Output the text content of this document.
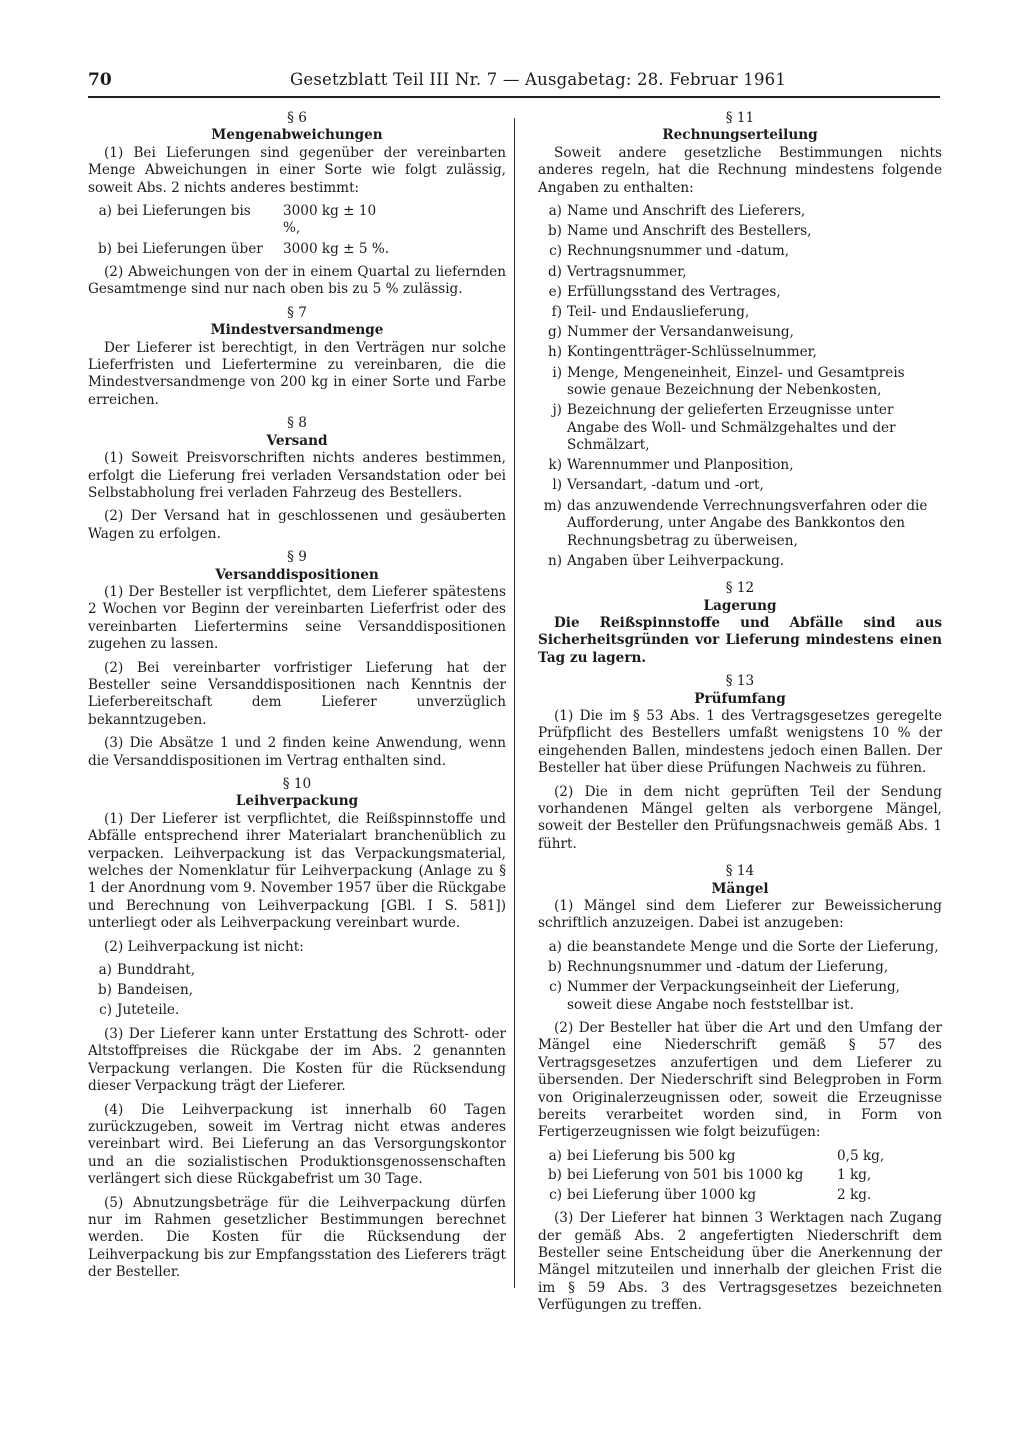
70	Gesetzblatt Teil III Nr. 7 — Ausgabetag: 28. Februar 1961

§ 6

Mengenabweichungen

(1) Bei Lieferungen sind gegenüber der vereinbarten Menge Abweichungen in einer Sorte wie folgt zulässig, soweit Abs. 2 nichts anderes bestimmt:

a) bei Lieferungen bis	3000 kg ± 10 %,
b) bei Lieferungen über	3000 kg ± 5 %.

(2) Abweichungen von der in einem Quartal zu liefernden Gesamtmenge sind nur nach oben bis zu 5 % zulässig.

§ 7

Mindestversandmenge

Der Lieferer ist berechtigt, in den Verträgen nur solche Lieferfristen und Liefertermine zu vereinbaren, die die Mindestversandmenge von 200 kg in einer Sorte und Farbe erreichen.

§ 8

Versand

(1) Soweit Preisvorschriften nichts anderes bestimmen, erfolgt die Lieferung frei verladen Versandstation oder bei Selbstabholung frei verladen Fahrzeug des Bestellers.

(2) Der Versand hat in geschlossenen und gesäuberten Wagen zu erfolgen.

§ 9

Versanddispositionen

(1) Der Besteller ist verpflichtet, dem Lieferer spätestens 2 Wochen vor Beginn der vereinbarten Lieferfrist oder des vereinbarten Liefertermins seine Versanddispositionen zugehen zu lassen.

(2) Bei vereinbarter vorfristiger Lieferung hat der Besteller seine Versanddispositionen nach Kenntnis der Lieferbereitschaft dem Lieferer unverzüglich bekanntzugeben.

(3) Die Absätze 1 und 2 finden keine Anwendung, wenn die Versanddispositionen im Vertrag enthalten sind.

§ 10

Leihverpackung

(1) Der Lieferer ist verpflichtet, die Reißspinnstoffe und Abfälle entsprechend ihrer Materialart branchenüblich zu verpacken. Leihverpackung ist das Verpackungsmaterial, welches der Nomenklatur für Leihverpackung (Anlage zu § 1 der Anordnung vom 9. November 1957 über die Rückgabe und Berechnung von Leihverpackung [GBl. I S. 581]) unterliegt oder als Leihverpackung vereinbart wurde.

(2) Leihverpackung ist nicht:

a) Bunddraht,
b) Bandeisen,
c) Juteteile.

(3) Der Lieferer kann unter Erstattung des Schrott- oder Altstoffpreises die Rückgabe der im Abs. 2 genannten Verpackung verlangen. Die Kosten für die Rücksendung dieser Verpackung trägt der Lieferer.

(4) Die Leihverpackung ist innerhalb 60 Tagen zurückzugeben, soweit im Vertrag nicht etwas anderes vereinbart wird. Bei Lieferung an das Versorgungskontor und an die sozialistischen Produktionsgenossenschaften verlängert sich diese Rückgabefrist um 30 Tage.

(5) Abnutzungsbeträge für die Leihverpackung dürfen nur im Rahmen gesetzlicher Bestimmungen berechnet werden. Die Kosten für die Rücksendung der Leihverpackung bis zur Empfangsstation des Lieferers trägt der Besteller.

§ 11

Rechnungserteilung

Soweit andere gesetzliche Bestimmungen nichts anderes regeln, hat die Rechnung mindestens folgende Angaben zu enthalten:

a) Name und Anschrift des Lieferers,
b) Name und Anschrift des Bestellers,
c) Rechnungsnummer und -datum,
d) Vertragsnummer,
e) Erfüllungsstand des Vertrages,
f) Teil- und Endauslieferung,
g) Nummer der Versandanweisung,
h) Kontingentträger-Schlüsselnummer,
i) Menge, Mengeneinheit, Einzel- und Gesamtpreis sowie genaue Bezeichnung der Nebenkosten,
j) Bezeichnung der gelieferten Erzeugnisse unter Angabe des Woll- und Schmälzgehaltes und der Schmälzart,
k) Warennummer und Planposition,
l) Versandart, -datum und -ort,
m) das anzuwendende Verrechnungsverfahren oder die Aufforderung, unter Angabe des Bankkontos den Rechnungsbetrag zu überweisen,
n) Angaben über Leihverpackung.

§ 12

Lagerung

Die Reißspinnstoffe und Abfälle sind aus Sicherheitsgründen vor Lieferung mindestens einen Tag zu lagern.

§ 13

Prüfumfang

(1) Die im § 53 Abs. 1 des Vertragsgesetzes geregelte Prüfpflicht des Bestellers umfaßt wenigstens 10 % der eingehenden Ballen, mindestens jedoch einen Ballen. Der Besteller hat über diese Prüfungen Nachweis zu führen.

(2) Die in dem nicht geprüften Teil der Sendung vorhandenen Mängel gelten als verborgene Mängel, soweit der Besteller den Prüfungsnachweis gemäß Abs. 1 führt.

§ 14

Mängel

(1) Mängel sind dem Lieferer zur Beweissicherung schriftlich anzuzeigen. Dabei ist anzugeben:

a) die beanstandete Menge und die Sorte der Lieferung,
b) Rechnungsnummer und -datum der Lieferung,
c) Nummer der Verpackungseinheit der Lieferung, soweit diese Angabe noch feststellbar ist.

(2) Der Besteller hat über die Art und den Umfang der Mängel eine Niederschrift gemäß § 57 des Vertragsgesetzes anzufertigen und dem Lieferer zu übersenden. Der Niederschrift sind Belegproben in Form von Originalerzeugnissen oder, soweit die Erzeugnisse bereits verarbeitet worden sind, in Form von Fertigerzeugnissen wie folgt beizufügen:

a) bei Lieferung bis 500 kg	0,5 kg,
b) bei Lieferung von 501 bis 1000 kg	1 kg,
c) bei Lieferung über 1000 kg	2 kg.

(3) Der Lieferer hat binnen 3 Werktagen nach Zugang der gemäß Abs. 2 angefertigten Niederschrift dem Besteller seine Entscheidung über die Anerkennung der Mängel mitzuteilen und innerhalb der gleichen Frist die im § 59 Abs. 3 des Vertragsgesetzes bezeichneten Verfügungen zu treffen.
